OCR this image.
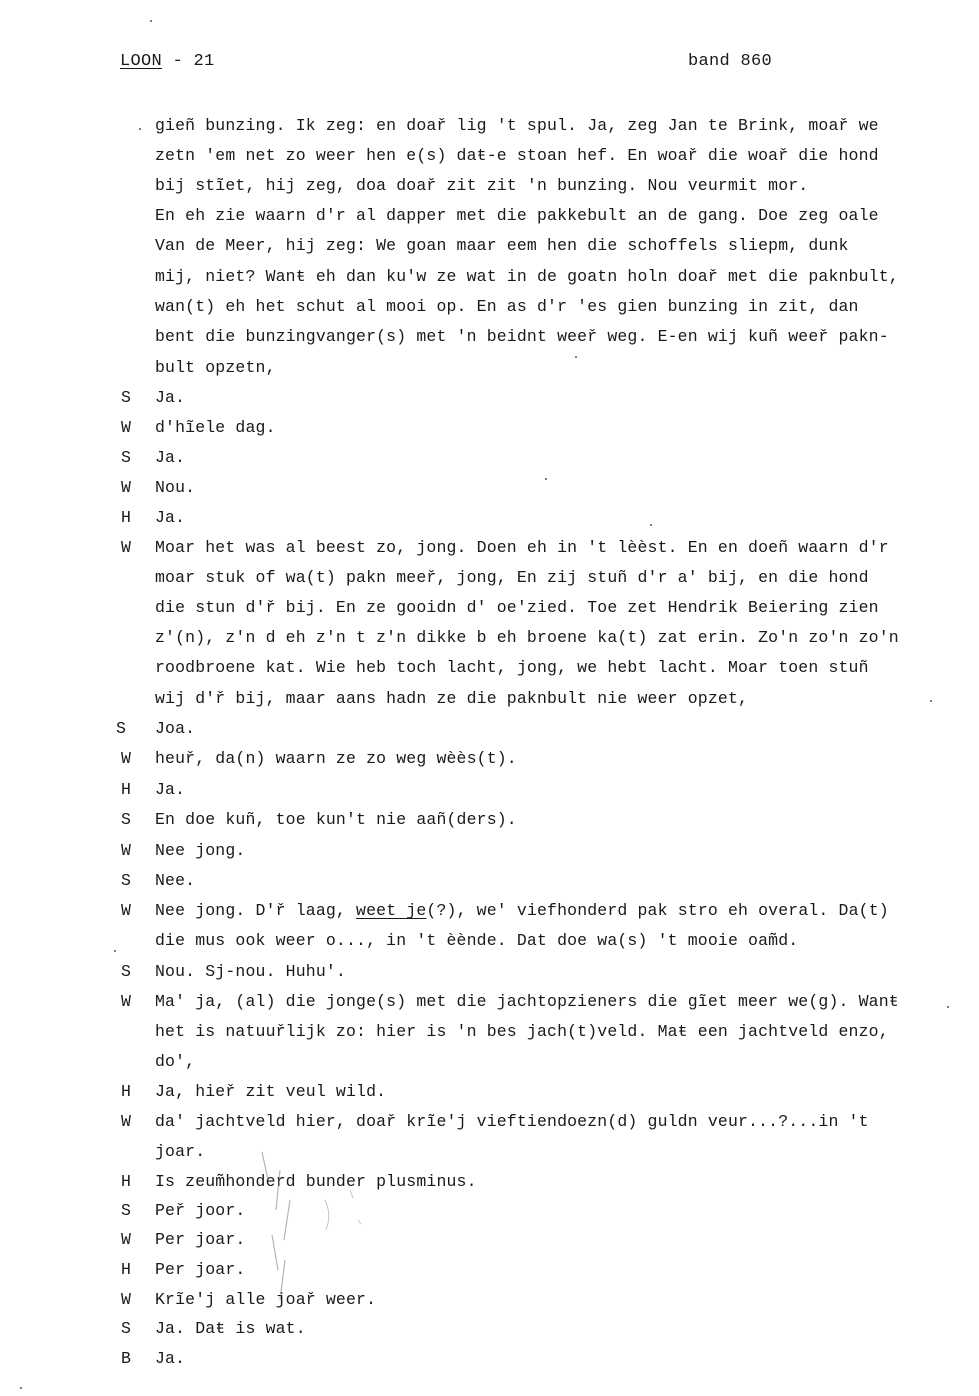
LOON - 21	band 860
gieñ bunzing. Ik zeg: en doař lig 't spul. Ja, zeg Jan te Brink, moař we
zetn 'em net zo weer hen e(s) daŧ-e stoan hef. En woař die woař die hond
bij stĩet, hij zeg, doa doař zit zit 'n bunzing. Nou veurmit mor.
En eh zie waarn d'r al dapper met die pakkebult an de gang. Doe zeg oale
Van de Meer, hij zeg: We goan maar eem hen die schoffels sliepm, dunk
mij, niet? Wanŧ eh dan ku'w ze wat in de goatn holn doař met die paknbult,
wan(t) eh het schut al mooi op. En as d'r 'es gien bunzing in zit, dan
bent die bunzingvanger(s) met 'n beidnt weeř weg. E-en wij kuñ weeř pakn-
bult opzetn,
S Ja.
W d'hĩele dag.
S Ja.
W Nou.
H Ja.
W Moar het was al beest zo, jong. Doen eh in 't lèèst. En en doeñ waarn d'r
moar stuk of wa(t) pakn meeř, jong, En zij stuñ d'r a' bij, en die hond
die stun d'ř bij. En ze gooidn d' oe'zied. Toe zet Hendrik Beiering zien
z'(n), z'n d eh z'n t z'n dikke b eh broene ka(t) zat erin. Zo'n zo'n zo'n
roodbroene kat. Wie heb toch lacht, jong, we hebt lacht. Moar toen stuñ
wij d'ř bij, maar aans hadn ze die paknbult nie weer opzet,
S Joa.
W heuř, da(n) waarn ze zo weg wèès(t).
H Ja.
S En doe kuñ, toe kun't nie aañ(ders).
W Nee jong.
S Nee.
W Nee jong. D'ř laag, weet je(?), we' viefhonderd pak stro eh overal. Da(t)
die mus ook weer o..., in 't èènde. Dat doe wa(s) 't mooie oam̃d.
S Nou. Sj-nou. Huhu'.
W Ma' ja, (al) die jonge(s) met die jachtopzieners die gĩet meer we(g). Wanŧ
het is natuuřlijk zo: hier is 'n bes jach(t)veld. Maŧ een jachtveld enzo,
do',
H Ja, hieř zit veul wild.
W da' jachtveld hier, doař krĩe'j vieftiendoezn(d) guldn veur...?...in 't
joar.
H Is zeum̃honderd bunder plusminus.
S Peř joor.
W Per joar.
H Per joar.
W Krĩe'j alle joař weer.
S Ja. Daŧ is wat.
B Ja.
